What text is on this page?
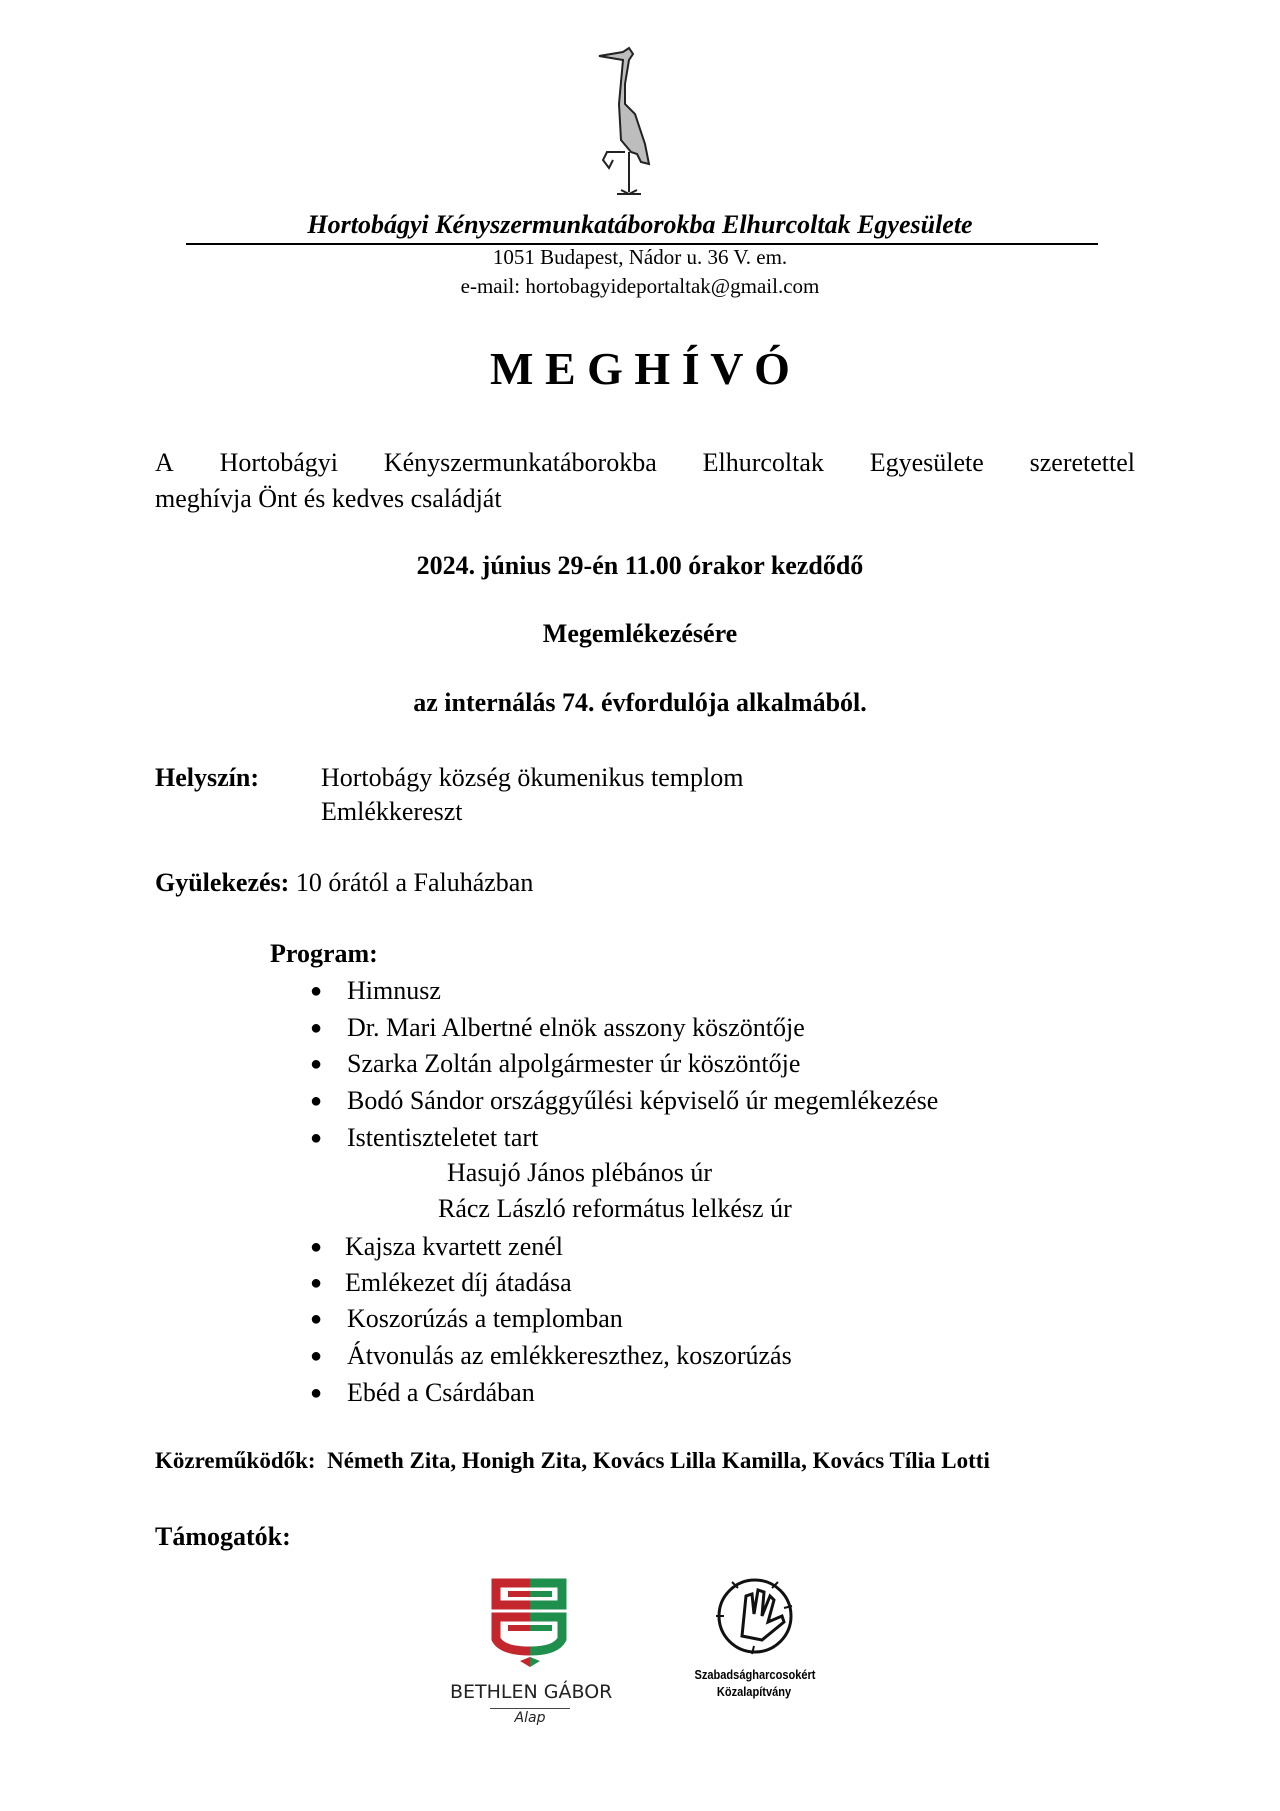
Hortobágyi Kényszermunkatáborokba Elhurcoltak Egyesülete
1051 Budapest, Nádor u. 36 V. em.
e-mail: hortobagyideportaltak@gmail.com
M E G H Í V Ó
A Hortobágyi Kényszermunkatáborokba Elhurcoltak Egyesülete szeretettel
meghívja Önt és kedves családját
2024. június 29-én 11.00 órakor kezdődő
Megemlékezésére
az internálás 74. évfordulója alkalmából.
Helyszín: Hortobágy község ökumenikus templom
Emlékkereszt
Gyülekezés: 10 órától a Faluházban
Program:
● Himnusz
● Dr. Mari Albertné elnök asszony köszöntője
● Szarka Zoltán alpolgármester úr köszöntője
● Bodó Sándor országgyűlési képviselő úr megemlékezése
● Istentiszteletet tart
Hasujó János plébános úr
Rácz László református lelkész úr
● Kajsza kvartett zenél
● Emlékezet díj átadása
● Koszorúzás a templomban
● Átvonulás az emlékkereszthez, koszorúzás
● Ebéd a Csárdában
Közreműködők: Németh Zita, Honigh Zita, Kovács Lilla Kamilla, Kovács Tília Lotti
Támogatók:
BETHLEN GÁBOR
Alap
Szabadságharcosokért
Közalapítvány
